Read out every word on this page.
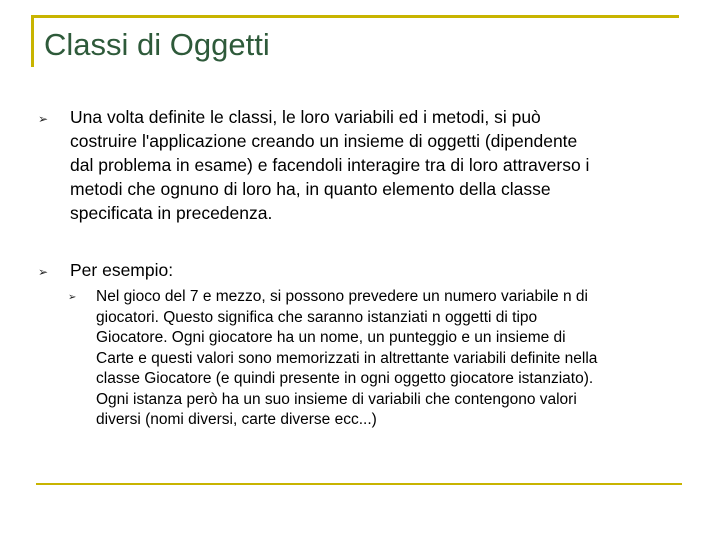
Classi di Oggetti
➢ Una volta definite le classi, le loro variabili ed i metodi, si può
costruire l'applicazione creando un insieme di oggetti (dipendente
dal problema in esame) e facendoli interagire tra di loro attraverso i
metodi che ognuno di loro ha, in quanto elemento della classe
specificata in precedenza.
➢ Per esempio:
➢ Nel gioco del 7 e mezzo, si possono prevedere un numero variabile n di
giocatori. Questo significa che saranno istanziati n oggetti di tipo
Giocatore. Ogni giocatore ha un nome, un punteggio e un insieme di
Carte e questi valori sono memorizzati in altrettante variabili definite nella
classe Giocatore (e quindi presente in ogni oggetto giocatore istanziato).
Ogni istanza però ha un suo insieme di variabili che contengono valori
diversi (nomi diversi, carte diverse ecc...)
